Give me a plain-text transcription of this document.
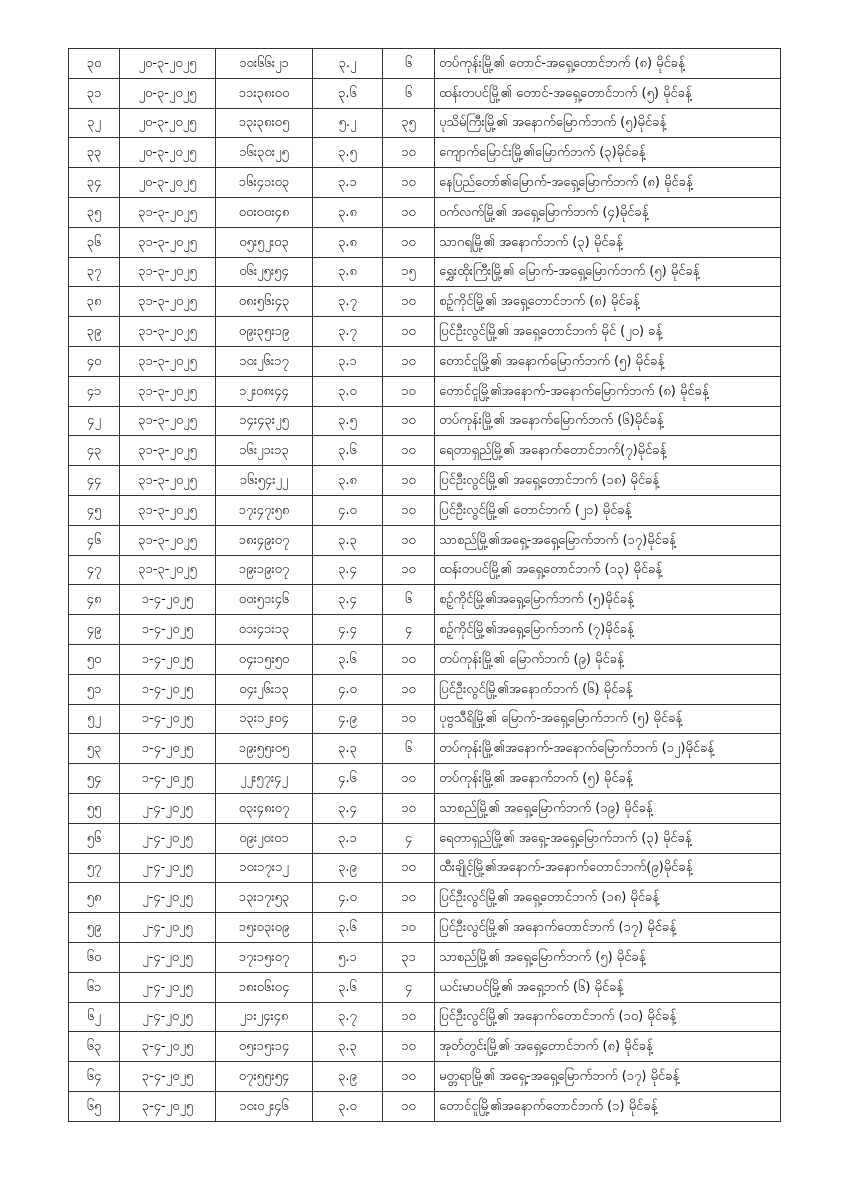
၃၀	၂၀-၃-၂၀၂၅	၁၀း၆၆း၂၁	၃.၂	၆	တပ်ကုန်းမြို့၏ တောင်-အရှေ့တောင်ဘက် (၈) မိုင်ခန့်
၃၁	၂၀-၃-၂၀၂၅	၁၁း၃၈း၀၀	၃.၆	၆	ထန်းတပင်မြို့၏ တောင်-အရှေ့တောင်ဘက် (၅) မိုင်ခန့်
၃၂	၂၀-၃-၂၀၂၅	၁၃း၃၈း၀၅	၅.၂	၃၅	ပုသိမ်ကြီးမြို့၏ အနောက်မြောက်ဘက် (၅)မိုင်ခန့်
၃၃	၂၀-၃-၂၀၂၅	၁၆း၃၀း၂၅	၃.၅	၁၀	ကျောက်မြောင်းမြို့၏မြောက်ဘက် (၃)မိုင်ခန့်
၃၄	၂၀-၃-၂၀၂၅	၁၆း၄၁း၀၃	၃.၁	၁၀	နေပြည်တော်၏မြောက်-အရှေ့မြောက်ဘက် (၈) မိုင်ခန့်
၃၅	၃၁-၃-၂၀၂၅	၀၀း၀၀း၄၈	၃.၈	၁၀	ဝက်လက်မြို့၏ အရှေ့မြောက်ဘက် (၄)မိုင်ခန့်
၃၆	၃၁-၃-၂၀၂၅	၀၅း၅၂း၀၃	၃.၈	၁၀	သာဂရမြို့၏ အနောက်ဘက် (၃) မိုင်ခန့်
၃၇	၃၁-၃-၂၀၂၅	၀၆း၂၅း၅၄	၃.၈	၁၅	ရွှေးထိုးကြီးမြို့၏ မြောက်-အရှေ့မြောက်ဘက် (၅) မိုင်ခန့်
၃၈	၃၁-၃-၂၀၂၅	၀၈း၅၆း၄၃	၃.၇	၁၀	စဉ့်ကိုင်မြို့၏ အရှေ့တောင်ဘက် (၈) မိုင်ခန့်
၃၉	၃၁-၃-၂၀၂၅	၀၉း၃၅း၁၉	၃.၇	၁၀	ပြင်ဦးလွင်မြို့၏ အရှေ့တောင်ဘက် မိုင် (၂၀) ခန့်
၄၀	၃၁-၃-၂၀၂၅	၁၀း၂၆း၁၇	၃.၁	၁၀	တောင်ငူမြို့၏ အနောက်မြောက်ဘက် (၅) မိုင်ခန့်
၄၁	၃၁-၃-၂၀၂၅	၁၂း၀၈း၄၄	၃.၀	၁၀	တောင်ငူမြို့၏အနောက်-အနောက်မြောက်ဘက် (၈) မိုင်ခန့်
၄၂	၃၁-၃-၂၀၂၅	၁၄း၄၃း၂၅	၃.၅	၁၀	တပ်ကုန်းမြို့၏ အနောက်မြောက်ဘက် (၆)မိုင်ခန့်
၄၃	၃၁-၃-၂၀၂၅	၁၆း၂၁း၁၃	၃.၆	၁၀	ရေတာရှည်မြို့၏ အနောက်တောင်ဘက်(၇)မိုင်ခန့်
၄၄	၃၁-၃-၂၀၂၅	၁၆း၅၄း၂၂	၃.၈	၁၀	ပြင်ဦးလွင်မြို့၏ အရှေ့တောင်ဘက် (၁၈) မိုင်ခန့်
၄၅	၃၁-၃-၂၀၂၅	၁၇း၄၇း၅၈	၄.၀	၁၀	ပြင်ဦးလွင်မြို့၏ တောင်ဘက် (၂၁) မိုင်ခန့်
၄၆	၃၁-၃-၂၀၂၅	၁၈း၄၉း၀၇	၃.၃	၁၀	သာစည်မြို့၏အရှေ့-အရှေ့မြောက်ဘက် (၁၇)မိုင်ခန့်
၄၇	၃၁-၃-၂၀၂၅	၁၉း၁၉း၀၇	၃.၄	၁၀	ထန်းတပင်မြို့၏ အရှေ့တောင်ဘက် (၁၃) မိုင်ခန့်
၄၈	၁-၄-၂၀၂၅	၀၀း၅၁း၄၆	၃.၄	၆	စဉ့်ကိုင်မြို့၏အရှေ့မြောက်ဘက် (၅)မိုင်ခန့်
၄၉	၁-၄-၂၀၂၅	၀၁း၄၁း၁၃	၄.၄	၄	စဉ့်ကိုင်မြို့၏အရှေ့မြောက်ဘက် (၇)မိုင်ခန့်
၅၀	၁-၄-၂၀၂၅	၀၄း၁၅း၅၀	၃.၆	၁၀	တပ်ကုန်းမြို့၏ မြောက်ဘက် (၉) မိုင်ခန့်
၅၁	၁-၄-၂၀၂၅	၀၄း၂၆း၁၃	၄.၀	၁၀	ပြင်ဦးလွင်မြို့၏အနောက်ဘက် (၆) မိုင်ခန့်
၅၂	၁-၄-၂၀၂၅	၁၃း၁၂း၀၄	၄.၉	၁၀	ပုဗ္ဗသီရိမြို့၏ မြောက်-အရှေ့မြောက်ဘက် (၅) မိုင်ခန့်
၅၃	၁-၄-၂၀၂၅	၁၉း၅၅း၀၅	၃.၃	၆	တပ်ကုန်းမြို့၏အနောက်-အနောက်မြောက်ဘက် (၁၂)မိုင်ခန့်
၅၄	၁-၄-၂၀၂၅	၂၂း၅၇း၄၂	၄.၆	၁၀	တပ်ကုန်းမြို့၏ အနောက်ဘက် (၅) မိုင်ခန့်
၅၅	၂-၄-၂၀၂၅	၀၃း၄၈း၀၇	၃.၄	၁၀	သာစည်မြို့၏ အရှေ့မြောက်ဘက် (၁၉) မိုင်ခန့်
၅၆	၂-၄-၂၀၂၅	၀၉း၂၀း၀၁	၃.၁	၄	ရေတာရှည်မြို့၏ အရှေ့-အရှေ့မြောက်ဘက် (၃) မိုင်ခန့်
၅၇	၂-၄-၂၀၂၅	၁၀း၁၇း၁၂	၃.၉	၁၀	ထီးချိုင့်မြို့၏အနောက်-အနောက်တောင်ဘက်(၉)မိုင်ခန့်
၅၈	၂-၄-၂၀၂၅	၁၃း၁၇း၅၃	၄.၀	၁၀	ပြင်ဦးလွင်မြို့၏ အရှေ့တောင်ဘက် (၁၈) မိုင်ခန့်
၅၉	၂-၄-၂၀၂၅	၁၅း၀၃း၀၉	၃.၆	၁၀	ပြင်ဦးလွင်မြို့၏ အနောက်တောင်ဘက် (၁၇) မိုင်ခန့်
၆၀	၂-၄-၂၀၂၅	၁၇း၁၅း၀၇	၅.၁	၃၁	သာစည်မြို့၏ အရှေ့မြောက်ဘက် (၅) မိုင်ခန့်
၆၁	၂-၄-၂၀၂၅	၁၈း၀၆း၀၄	၃.၆	၄	ယင်းမာပင်မြို့၏ အရှေ့ဘက် (၆) မိုင်ခန့်
၆၂	၂-၄-၂၀၂၅	၂၁း၂၄း၄၈	၃.၇	၁၀	ပြင်ဦးလွင်မြို့၏ အနောက်တောင်ဘက် (၁၀) မိုင်ခန့်
၆၃	၃-၄-၂၀၂၅	၀၅း၁၅း၁၄	၃.၃	၁၀	အုတ်တွင်းမြို့၏ အရှေ့တောင်ဘက် (၈) မိုင်ခန့်
၆၄	၃-၄-၂၀၂၅	၀၇း၅၅း၅၄	၃.၉	၁၀	မတ္တရာမြို့၏ အရှေ့-အရှေ့မြောက်ဘက် (၁၇) မိုင်ခန့်
၆၅	၃-၄-၂၀၂၅	၁၀း၀၂း၄၆	၃.၀	၁၀	တောင်ငူမြို့၏အနောက်တောင်ဘက် (၁) မိုင်ခန့်
